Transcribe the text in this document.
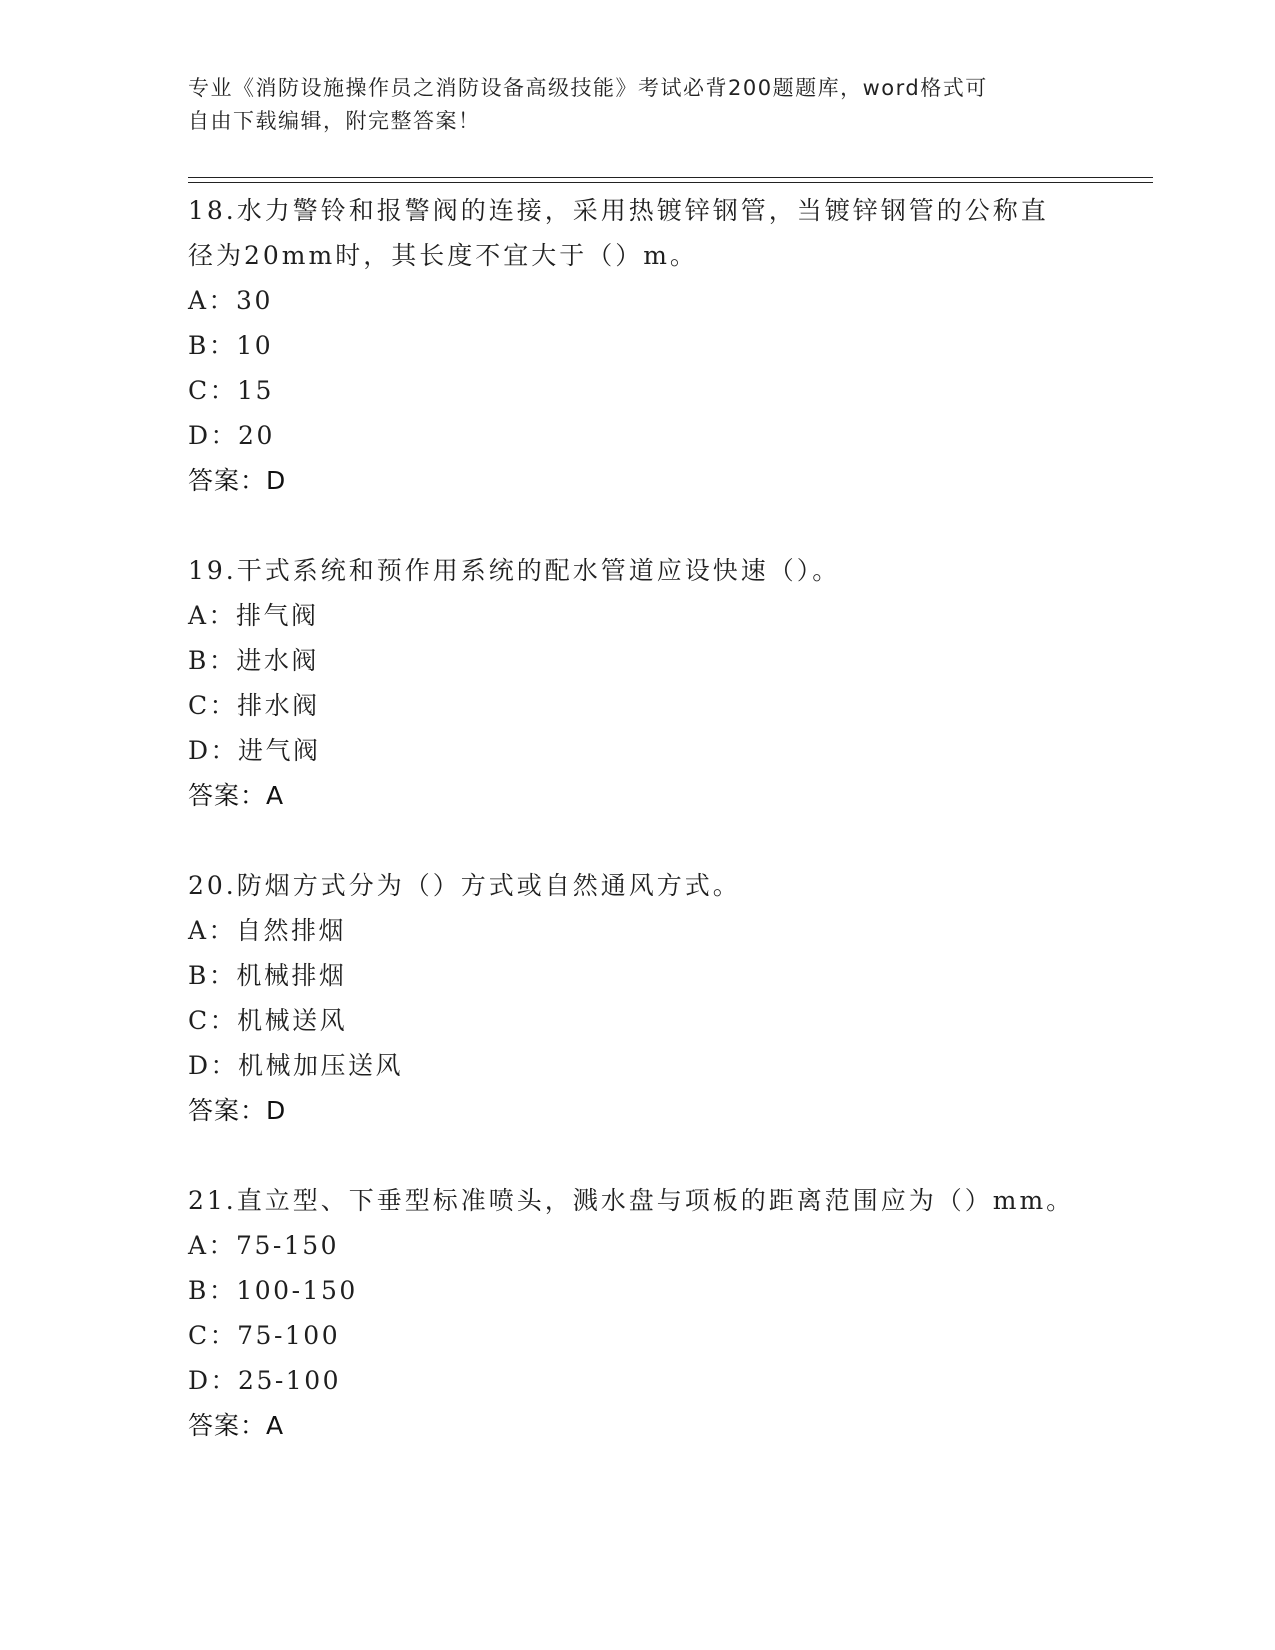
专业《消防设施操作员之消防设备高级技能》考试必背200题题库，word格式可
自由下载编辑，附完整答案！
18.水力警铃和报警阀的连接，采用热镀锌钢管，当镀锌钢管的公称直
径为20mm时，其长度不宜大于（）m。
A：30
B：10
C：15
D：20
答案：D
19.干式系统和预作用系统的配水管道应设快速（）。
A：排气阀
B：进水阀
C：排水阀
D：进气阀
答案：A
20.防烟方式分为（）方式或自然通风方式。
A：自然排烟
B：机械排烟
C：机械送风
D：机械加压送风
答案：D
21.直立型、下垂型标准喷头，溅水盘与项板的距离范围应为（）mm。
A：75-150
B：100-150
C：75-100
D：25-100
答案：A
